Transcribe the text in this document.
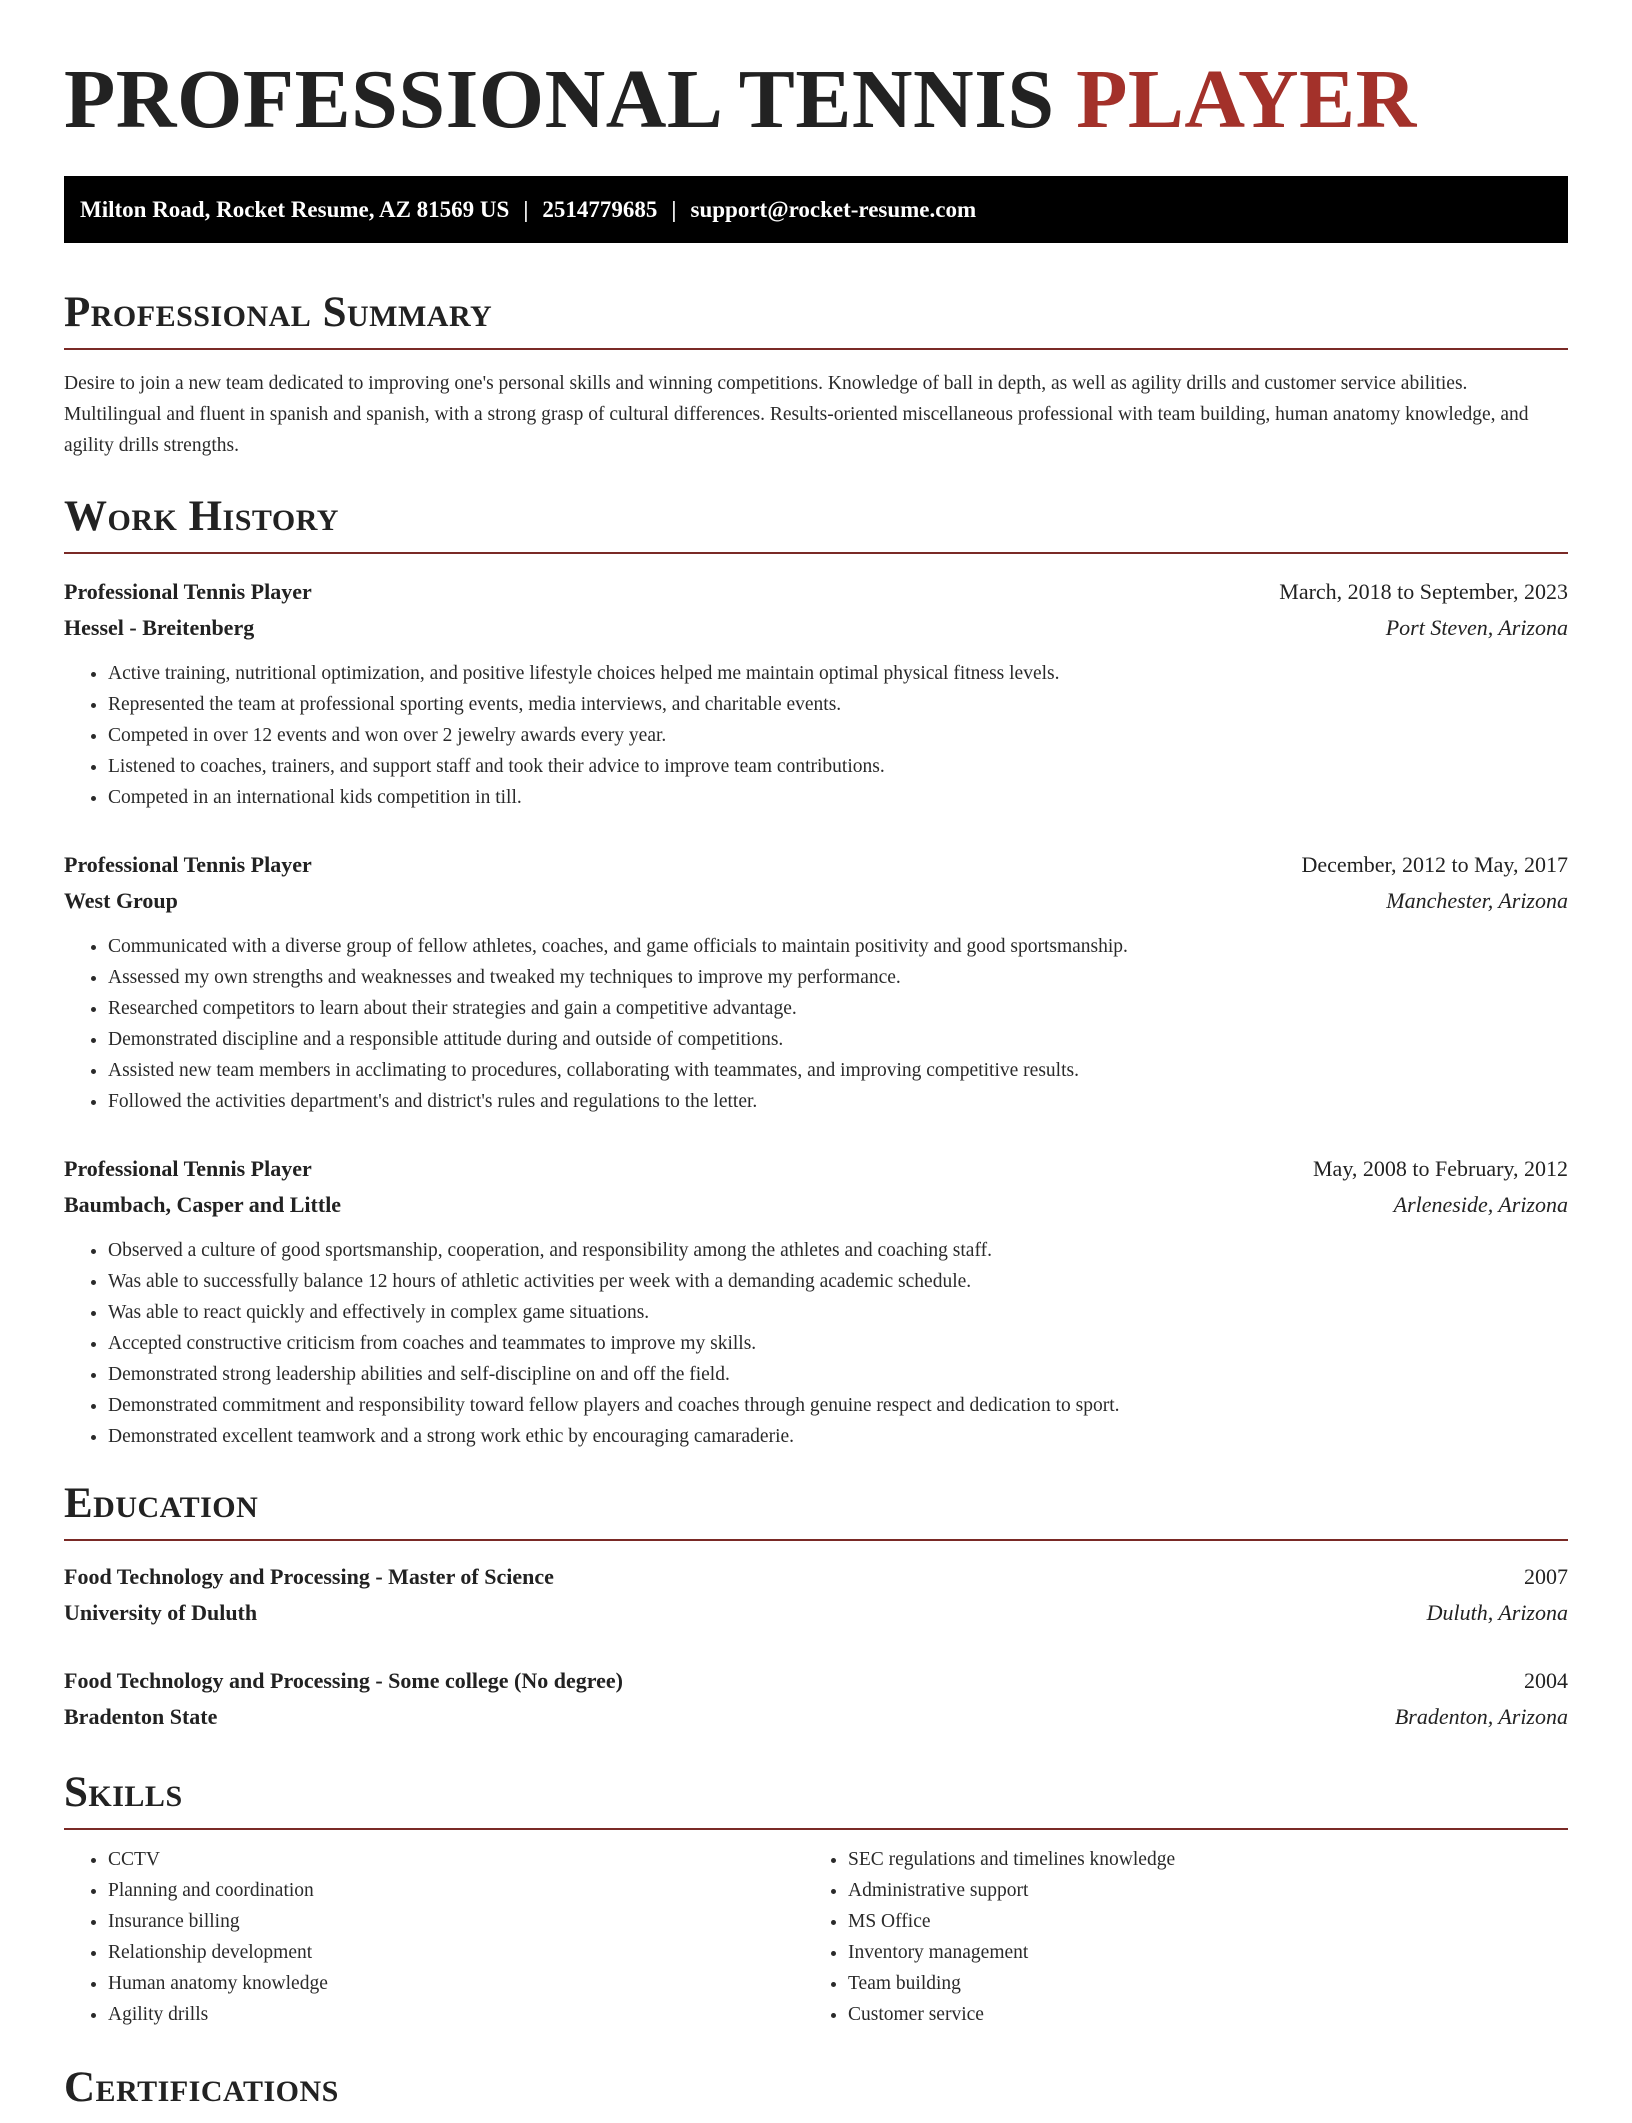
PROFESSIONAL TENNIS PLAYER
Milton Road, Rocket Resume, AZ 81569 US | 2514779685 | support@rocket-resume.com
Professional Summary

Desire to join a new team dedicated to improving one's personal skills and winning competitions. Knowledge of ball in depth, as well as agility drills and customer service abilities. Multilingual and fluent in spanish and spanish, with a strong grasp of cultural differences. Results-oriented miscellaneous professional with team building, human anatomy knowledge, and agility drills strengths.

Work History
Professional Tennis Player	March, 2018 to September, 2023
Hessel - Breitenberg	Port Steven, Arizona
• Active training, nutritional optimization, and positive lifestyle choices helped me maintain optimal physical fitness levels.
• Represented the team at professional sporting events, media interviews, and charitable events.
• Competed in over 12 events and won over 2 jewelry awards every year.
• Listened to coaches, trainers, and support staff and took their advice to improve team contributions.
• Competed in an international kids competition in till.
Professional Tennis Player	December, 2012 to May, 2017
West Group	Manchester, Arizona
• Communicated with a diverse group of fellow athletes, coaches, and game officials to maintain positivity and good sportsmanship.
• Assessed my own strengths and weaknesses and tweaked my techniques to improve my performance.
• Researched competitors to learn about their strategies and gain a competitive advantage.
• Demonstrated discipline and a responsible attitude during and outside of competitions.
• Assisted new team members in acclimating to procedures, collaborating with teammates, and improving competitive results.
• Followed the activities department's and district's rules and regulations to the letter.
Professional Tennis Player	May, 2008 to February, 2012
Baumbach, Casper and Little	Arleneside, Arizona
• Observed a culture of good sportsmanship, cooperation, and responsibility among the athletes and coaching staff.
• Was able to successfully balance 12 hours of athletic activities per week with a demanding academic schedule.
• Was able to react quickly and effectively in complex game situations.
• Accepted constructive criticism from coaches and teammates to improve my skills.
• Demonstrated strong leadership abilities and self-discipline on and off the field.
• Demonstrated commitment and responsibility toward fellow players and coaches through genuine respect and dedication to sport.
• Demonstrated excellent teamwork and a strong work ethic by encouraging camaraderie.
Education
Food Technology and Processing - Master of Science	2007
University of Duluth	Duluth, Arizona
Food Technology and Processing - Some college (No degree)	2004
Bradenton State	Bradenton, Arizona
Skills
• CCTV
• Planning and coordination
• Insurance billing
• Relationship development
• Human anatomy knowledge
• Agility drills
• SEC regulations and timelines knowledge
• Administrative support
• MS Office
• Inventory management
• Team building
• Customer service
Certifications
